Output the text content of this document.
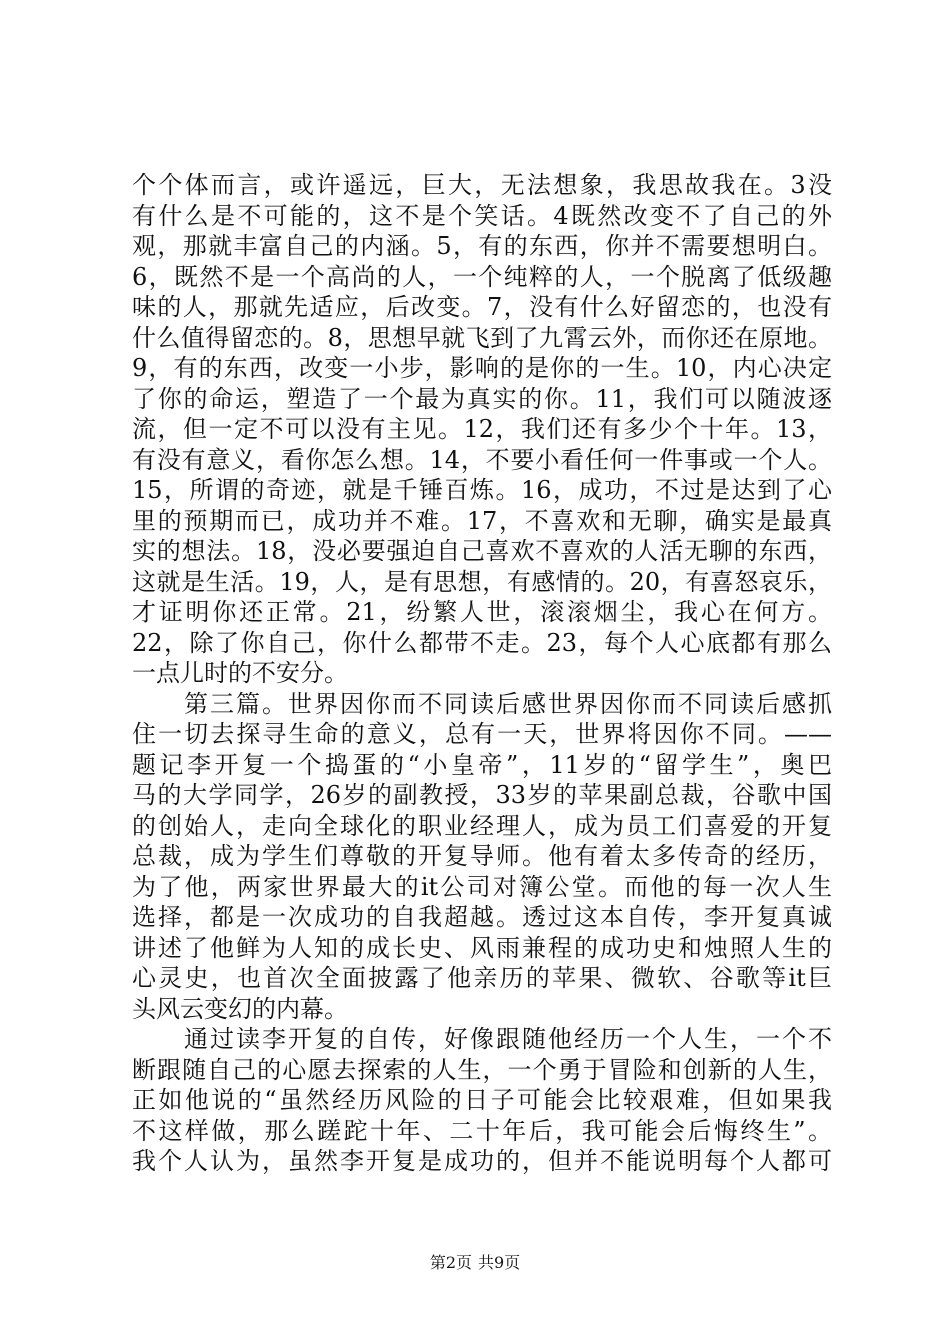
个个体而言，或许遥远，巨大，无法想象，我思故我在。3没
有什么是不可能的，这不是个笑话。4既然改变不了自己的外
观，那就丰富自己的内涵。5，有的东西，你并不需要想明白。
6，既然不是一个高尚的人，一个纯粹的人，一个脱离了低级趣
味的人，那就先适应，后改变。7，没有什么好留恋的，也没有
什么值得留恋的。8，思想早就飞到了九霄云外，而你还在原地。
9，有的东西，改变一小步，影响的是你的一生。10，内心决定
了你的命运，塑造了一个最为真实的你。11，我们可以随波逐
流，但一定不可以没有主见。12，我们还有多少个十年。13，
有没有意义，看你怎么想。14，不要小看任何一件事或一个人。
15，所谓的奇迹，就是千锤百炼。16，成功，不过是达到了心
里的预期而已，成功并不难。17，不喜欢和无聊，确实是最真
实的想法。18，没必要强迫自己喜欢不喜欢的人活无聊的东西，
这就是生活。19，人，是有思想，有感情的。20，有喜怒哀乐，
才证明你还正常。21，纷繁人世，滚滚烟尘，我心在何方。
22，除了你自己，你什么都带不走。23，每个人心底都有那么
一点儿时的不安分。
　　第三篇。世界因你而不同读后感世界因你而不同读后感抓
住一切去探寻生命的意义，总有一天，世界将因你不同。——
题记李开复一个捣蛋的“小皇帝”，11岁的“留学生”，奥巴
马的大学同学，26岁的副教授，33岁的苹果副总裁，谷歌中国
的创始人，走向全球化的职业经理人，成为员工们喜爱的开复
总裁，成为学生们尊敬的开复导师。他有着太多传奇的经历，
为了他，两家世界最大的it公司对簿公堂。而他的每一次人生
选择，都是一次成功的自我超越。透过这本自传，李开复真诚
讲述了他鲜为人知的成长史、风雨兼程的成功史和烛照人生的
心灵史，也首次全面披露了他亲历的苹果、微软、谷歌等it巨
头风云变幻的内幕。
　　通过读李开复的自传，好像跟随他经历一个人生，一个不
断跟随自己的心愿去探索的人生，一个勇于冒险和创新的人生，
正如他说的“虽然经历风险的日子可能会比较艰难，但如果我
不这样做，那么蹉跎十年、二十年后，我可能会后悔终生”。
我个人认为，虽然李开复是成功的，但并不能说明每个人都可
第2页 共9页
